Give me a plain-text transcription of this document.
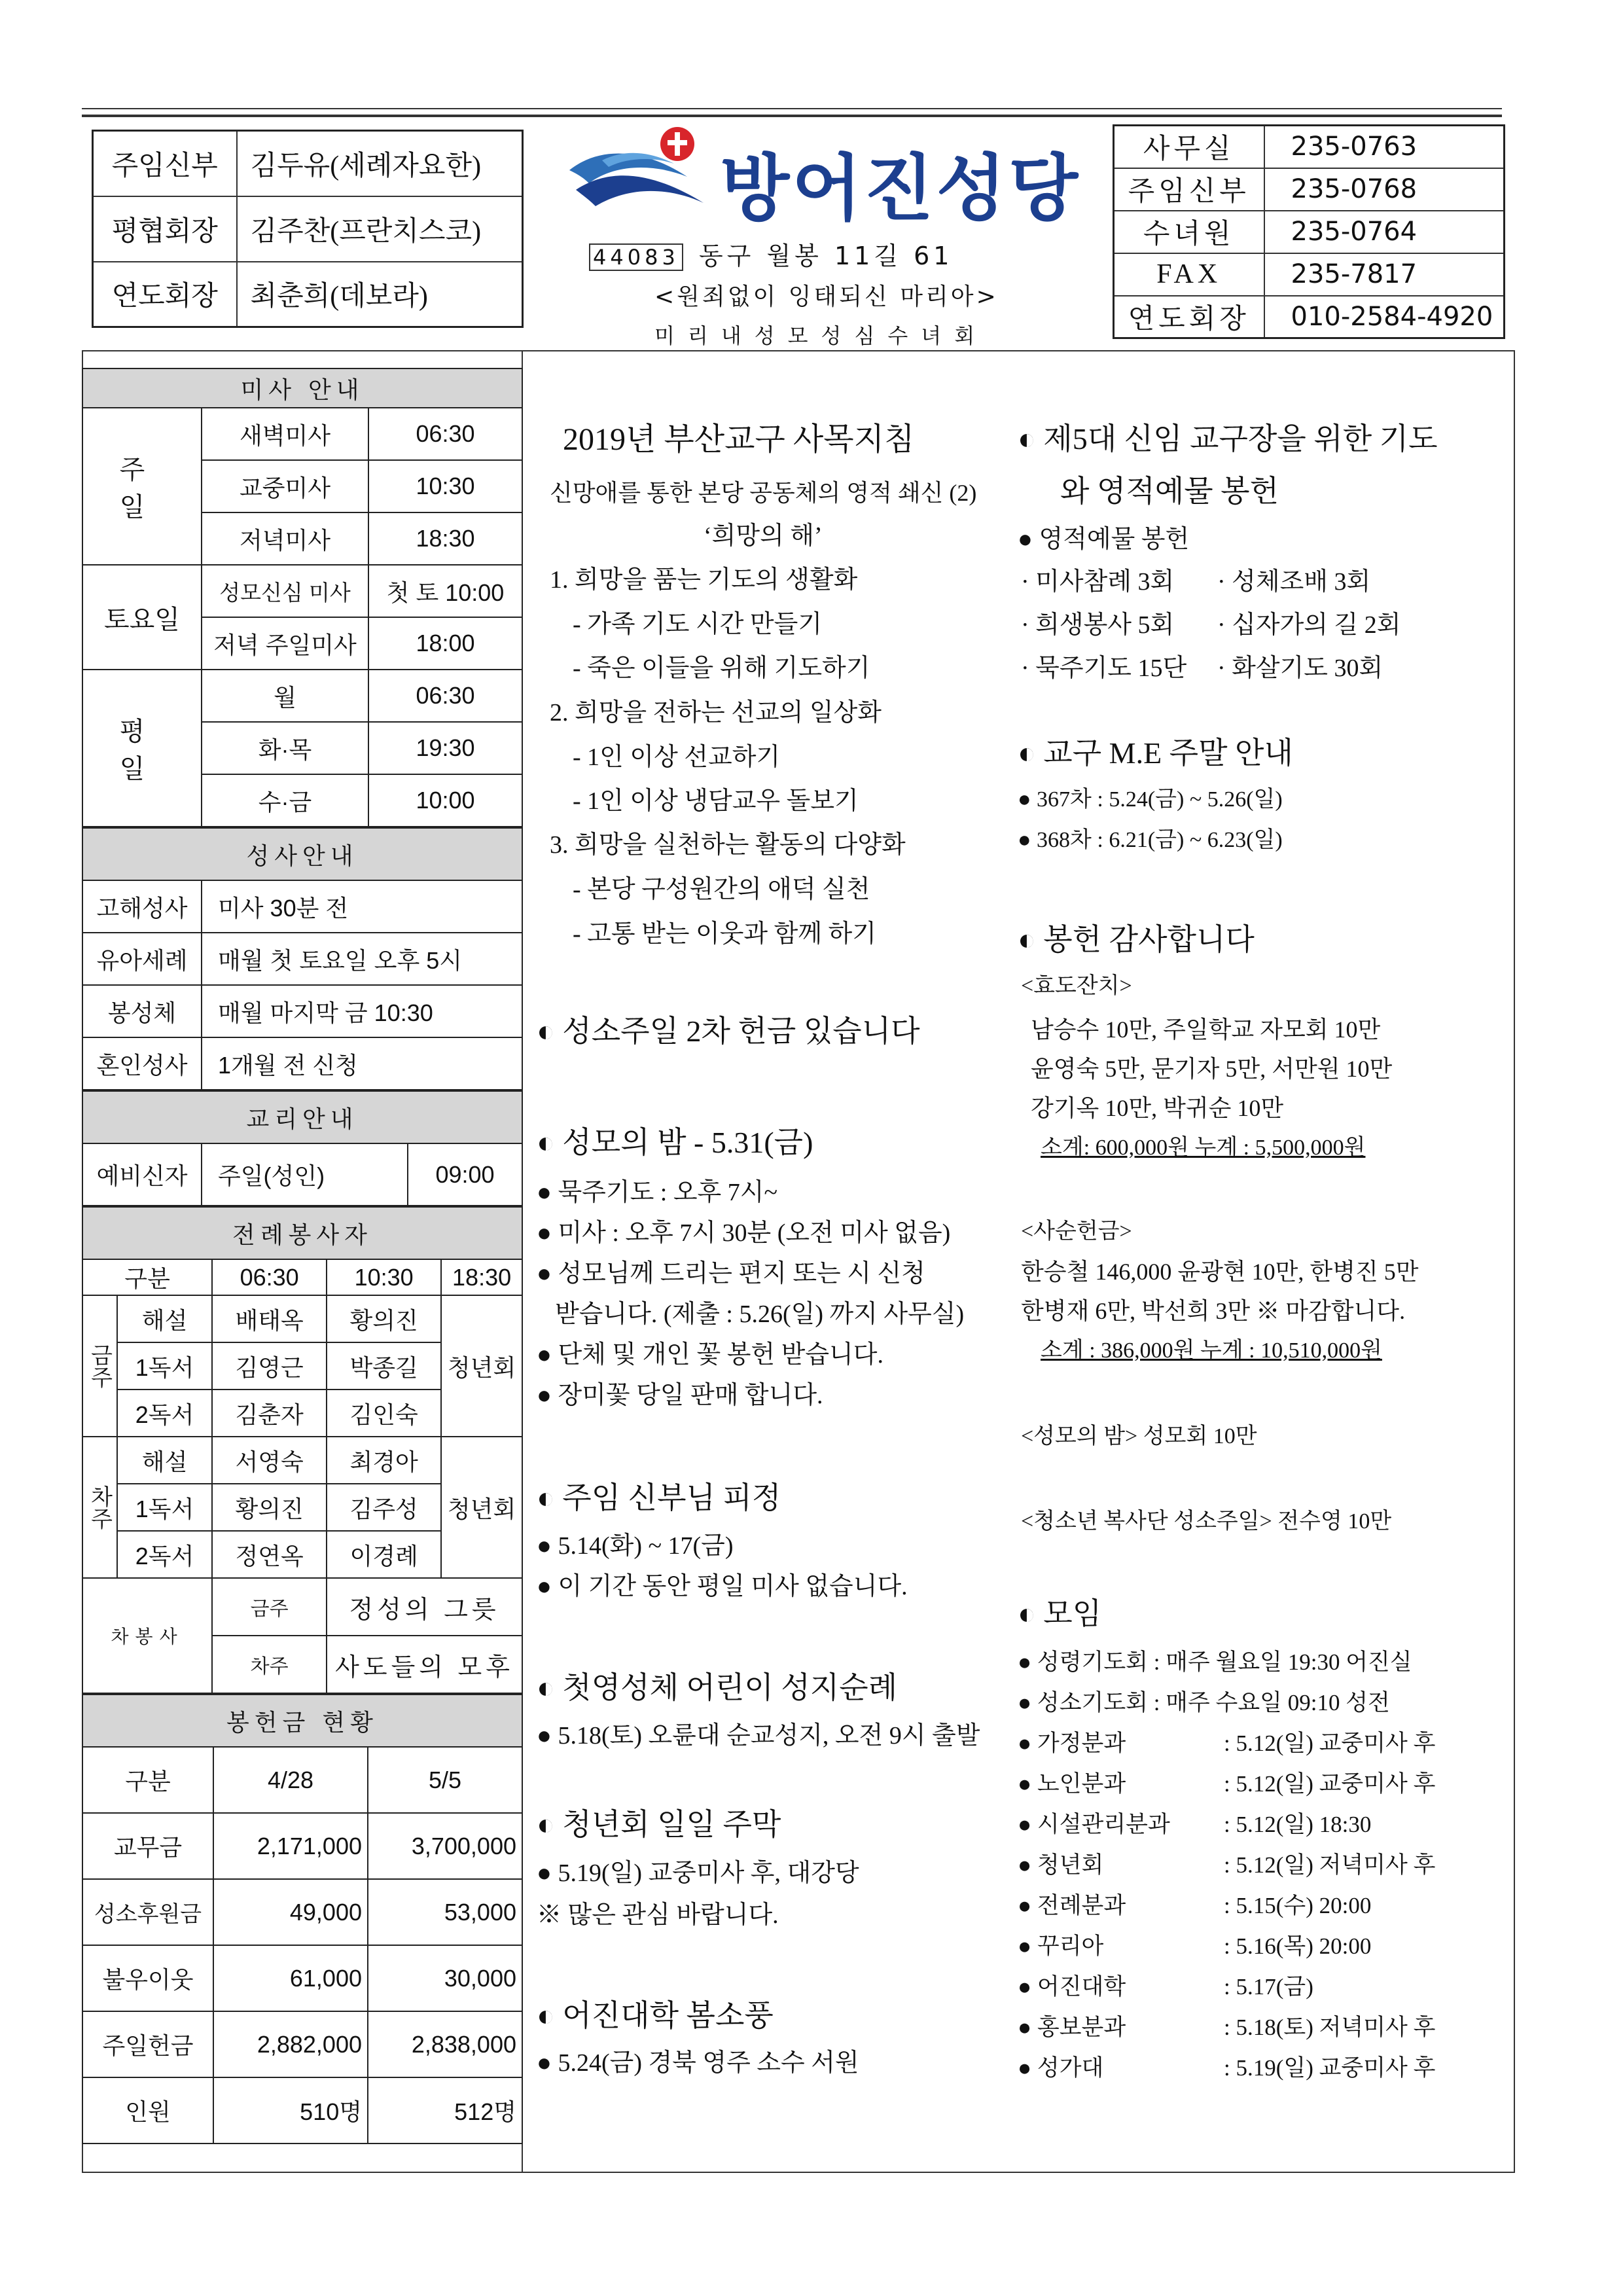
주임신부	김두유(세례자요한)
평협회장	김주찬(프란치스코)
연도회장	최춘희(데보라)
방어진성당
44083 동구 월봉 11길 61
<원죄없이 잉태되신 마리아>
미리내성모성심수녀회
사무실	235-0763
주임신부	235-0768
수녀원	235-0764
FAX	235-7817
연도회장	010-2584-4920
미사 안내		
주 일	새벽미사	06:30
	교중미사	10:30
	저녁미사	18:30
토요일	성모신심 미사	첫 토 10:00
	저녁 주일미사	18:00
평 일	월	06:30
	화·목	19:30
	수·금	10:00
성사안내	
고해성사	미사 30분 전
유아세례	매월 첫 토요일 오후 5시
봉성체	매월 마지막 금 10:30
혼인성사	1개월 전 신청
교리안내
예비신자	주일(성인)	09:00
전례봉사자				
구분		06:30	10:30	18:30
금주	해설	배태옥	황의진	청년회
	1독서	김영근	박종길	
	2독서	김춘자	김인숙	
차주	해설	서영숙	최경아	청년회
	1독서	황의진	김주성	
	2독서	정연옥	이경례	
차봉사		금주	정성의 그릇	
		차주	사도들의 모후	
봉헌금 현황		
구분	4/28	5/5
교무금	2,171,000	3,700,000
성소후원금	49,000	53,000
불우이웃	61,000	30,000
주일헌금	2,882,000	2,838,000
인원	510명	512명
2019년 부산교구 사목지침
신망애를 통한 본당 공동체의 영적 쇄신 (2)
‘희망의 해’
1. 희망을 품는 기도의 생활화
- 가족 기도 시간 만들기
- 죽은 이들을 위해 기도하기
2. 희망을 전하는 선교의 일상화
- 1인 이상 선교하기
- 1인 이상 냉담교우 돌보기
3. 희망을 실천하는 활동의 다양화
- 본당 구성원간의 애덕 실천
- 고통 받는 이웃과 함께 하기
◐ 성소주일 2차 헌금 있습니다
◐ 성모의 밤 - 5.31(금)
● 묵주기도 : 오후 7시~
● 미사 : 오후 7시 30분 (오전 미사 없음)
● 성모님께 드리는 편지 또는 시 신청
받습니다. (제출 : 5.26(일) 까지 사무실)
● 단체 및 개인 꽃 봉헌 받습니다.
● 장미꽃 당일 판매 합니다.
◐ 주임 신부님 피정
● 5.14(화) ~ 17(금)
● 이 기간 동안 평일 미사 없습니다.
◐ 첫영성체 어린이 성지순례
● 5.18(토) 오륜대 순교성지, 오전 9시 출발
◐ 청년회 일일 주막
● 5.19(일) 교중미사 후, 대강당
※ 많은 관심 바랍니다.
◐ 어진대학 봄소풍
● 5.24(금) 경북 영주 소수 서원
◐ 제5대 신임 교구장을 위한 기도
와 영적예물 봉헌
● 영적예물 봉헌
· 미사참례 3회 · 성체조배 3회
· 희생봉사 5회 · 십자가의 길 2회
· 묵주기도 15단 · 화살기도 30회
◐ 교구 M.E 주말 안내
● 367차 : 5.24(금) ~ 5.26(일)
● 368차 : 6.21(금) ~ 6.23(일)
◐ 봉헌 감사합니다
<효도잔치>
남승수 10만, 주일학교 자모회 10만
윤영숙 5만, 문기자 5만, 서만원 10만
강기옥 10만, 박귀순 10만
소계: 600,000원 누계 : 5,500,000원
<사순헌금>
한승철 146,000 윤광현 10만, 한병진 5만
한병재 6만, 박선희 3만 ※ 마감합니다.
소계 : 386,000원 누계 : 10,510,000원
<성모의 밤> 성모회 10만
<청소년 복사단 성소주일> 전수영 10만
◐ 모임
● 성령기도회 : 매주 월요일 19:30 어진실
● 성소기도회 : 매주 수요일 09:10 성전
● 가정분과	: 5.12(일) 교중미사 후
● 노인분과	: 5.12(일) 교중미사 후
● 시설관리분과 : 5.12(일) 18:30
● 청년회	: 5.12(일) 저녁미사 후
● 전례분과	: 5.15(수) 20:00
● 꾸리아	: 5.16(목) 20:00
● 어진대학	: 5.17(금)
● 홍보분과	: 5.18(토) 저녁미사 후
● 성가대	: 5.19(일) 교중미사 후
